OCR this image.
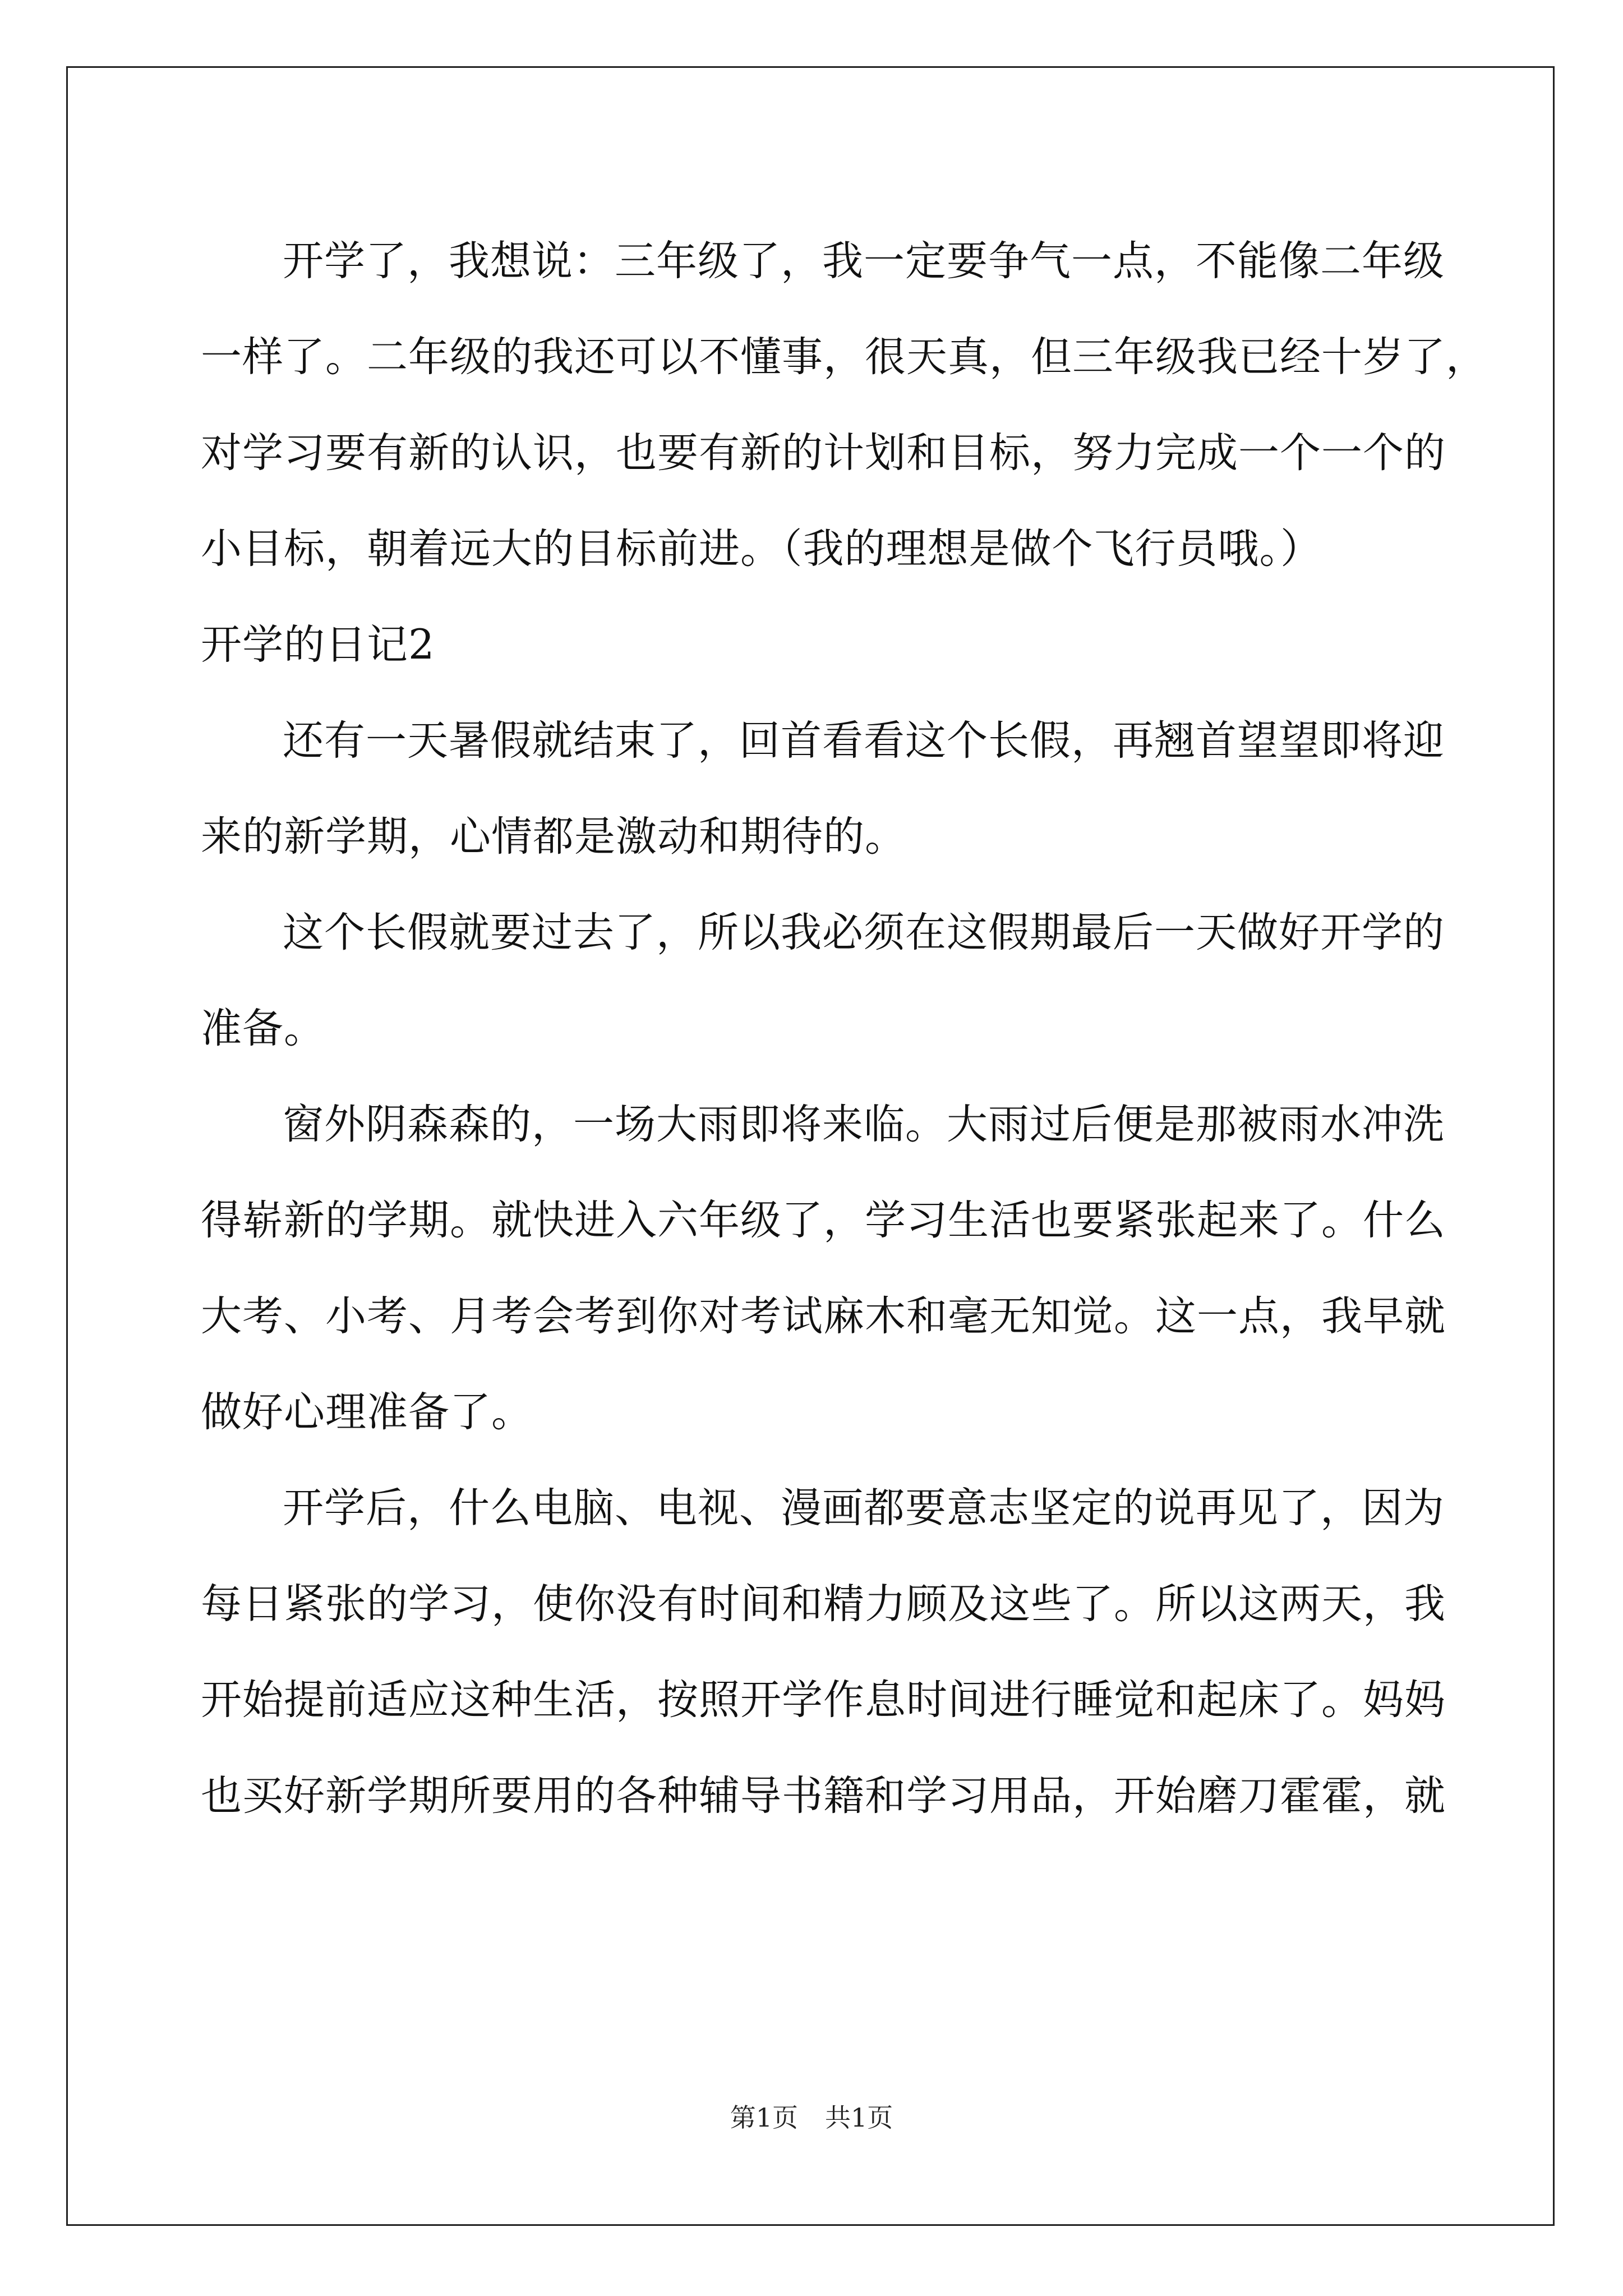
开学了，我想说：三年级了，我一定要争气一点，不能像二年级
一样了。二年级的我还可以不懂事，很天真，但三年级我已经十岁了，
对学习要有新的认识，也要有新的计划和目标，努力完成一个一个的
小目标，朝着远大的目标前进。（我的理想是做个飞行员哦。）
开学的日记2
还有一天暑假就结束了，回首看看这个长假，再翘首望望即将迎
来的新学期，心情都是激动和期待的。
这个长假就要过去了，所以我必须在这假期最后一天做好开学的
准备。
窗外阴森森的，一场大雨即将来临。大雨过后便是那被雨水冲洗
得崭新的学期。就快进入六年级了，学习生活也要紧张起来了。什么
大考、小考、月考会考到你对考试麻木和毫无知觉。这一点，我早就
做好心理准备了。
开学后，什么电脑、电视、漫画都要意志坚定的说再见了，因为
每日紧张的学习，使你没有时间和精力顾及这些了。所以这两天，我
开始提前适应这种生活，按照开学作息时间进行睡觉和起床了。妈妈
也买好新学期所要用的各种辅导书籍和学习用品，开始磨刀霍霍，就
第1页 共1页
